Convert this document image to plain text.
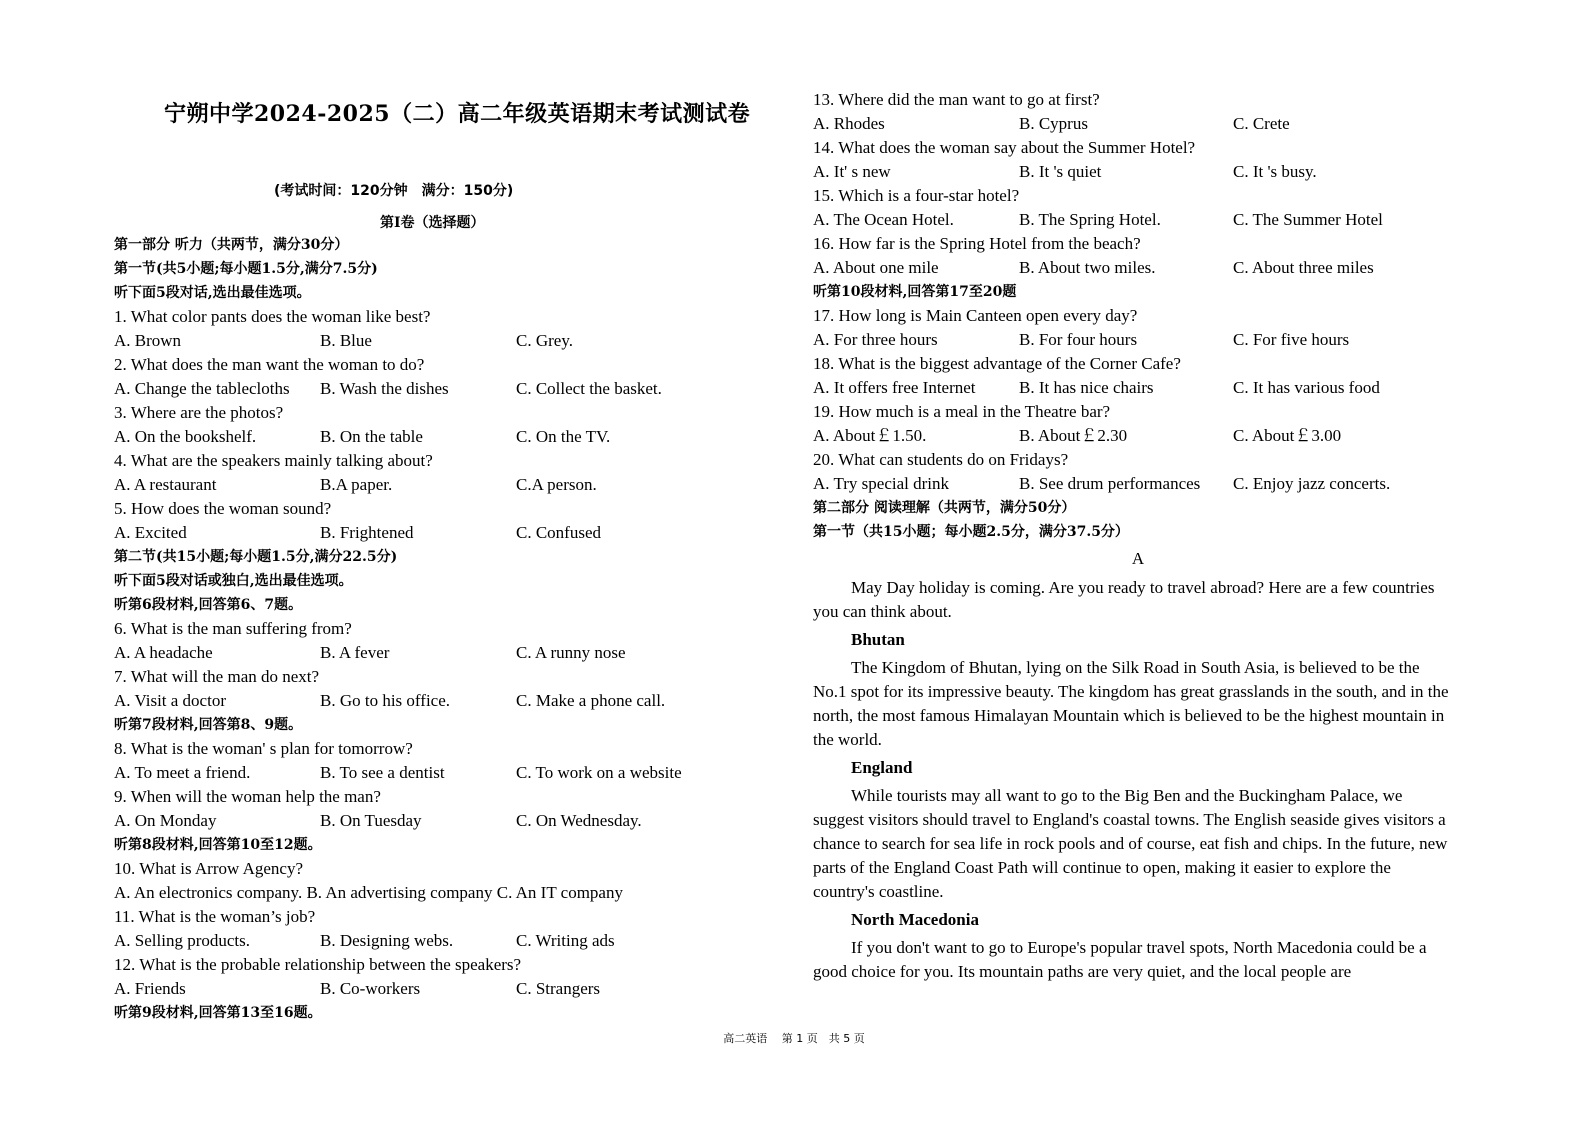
宁朔中学2024-2025（二）高二年级英语期末考试测试卷
(考试时间：120分钟　满分：150分)
第Ⅰ卷（选择题）
第一部分 听力（共两节，满分30分）
第一节(共5小题;每小题1.5分,满分7.5分)
听下面5段对话,选出最佳选项。
1. What color pants does the woman like best?
A. Brown	B. Blue	C. Grey.
2. What does the man want the woman to do?
A. Change the tablecloths B. Wash the dishes	C. Collect the basket.
3. Where are the photos?
A. On the bookshelf.	B. On the table	C. On the TV.
4. What are the speakers mainly talking about?
A. A restaurant	B.A paper.	C.A person.
5. How does the woman sound?
A. Excited	B. Frightened	C. Confused
第二节(共15小题;每小题1.5分,满分22.5分)
听下面5段对话或独白,选出最佳选项。
听第6段材料,回答第6、7题。
6. What is the man suffering from?
A. A headache	B. A fever	C. A runny nose
7. What will the man do next?
A. Visit a doctor	B. Go to his office.	C. Make a phone call.
听第7段材料,回答第8、9题。
8. What is the woman' s plan for tomorrow?
A. To meet a friend.	B. To see a dentist	C. To work on a website
9. When will the woman help the man?
A. On Monday	B. On Tuesday	C. On Wednesday.
听第8段材料,回答第10至12题。
10. What is Arrow Agency?
A. An electronics company. B. An advertising company C. An IT company
11. What is the woman’s job?
A. Selling products.	B. Designing webs.	C. Writing ads
12. What is the probable relationship between the speakers?
A. Friends	B. Co-workers	C. Strangers
听第9段材料,回答第13至16题。
13. Where did the man want to go at first?
A. Rhodes	B. Cyprus	C. Crete
14. What does the woman say about the Summer Hotel?
A. It' s new	B. It 's quiet	C. It 's busy.
15. Which is a four-star hotel?
A. The Ocean Hotel.	B. The Spring Hotel.	C. The Summer Hotel
16. How far is the Spring Hotel from the beach?
A. About one mile	B. About two miles.	C. About three miles
听第10段材料,回答第17至20题
17. How long is Main Canteen open every day?
A. For three hours	B. For four hours	C. For five hours
18. What is the biggest advantage of the Corner Cafe?
A. It offers free Internet	B. It has nice chairs	C. It has various food
19. How much is a meal in the Theatre bar?
A. About￡1.50.	B. About￡2.30	C. About￡3.00
20. What can students do on Fridays?
A. Try special drink	B. See drum performances C. Enjoy jazz concerts.
第二部分 阅读理解（共两节，满分50分）
第一节（共15小题；每小题2.5分，满分37.5分）
A

May Day holiday is coming. Are you ready to travel abroad? Here are a few countries you can think about.

Bhutan

The Kingdom of Bhutan, lying on the Silk Road in South Asia, is believed to be the No.1 spot for its impressive beauty. The kingdom has great grasslands in the south, and in the north, the most famous Himalayan Mountain which is believed to be the highest mountain in the world.

England

While tourists may all want to go to the Big Ben and the Buckingham Palace, we suggest visitors should travel to England's coastal towns. The English seaside gives visitors a chance to search for sea life in rock pools and of course, eat fish and chips. In the future, new parts of the England Coast Path will continue to open, making it easier to explore the country's coastline.

North Macedonia

If you don't want to go to Europe's popular travel spots, North Macedonia could be a good choice for you. Its mountain paths are very quiet, and the local people are

高二英语　 第 1 页　共 5 页
